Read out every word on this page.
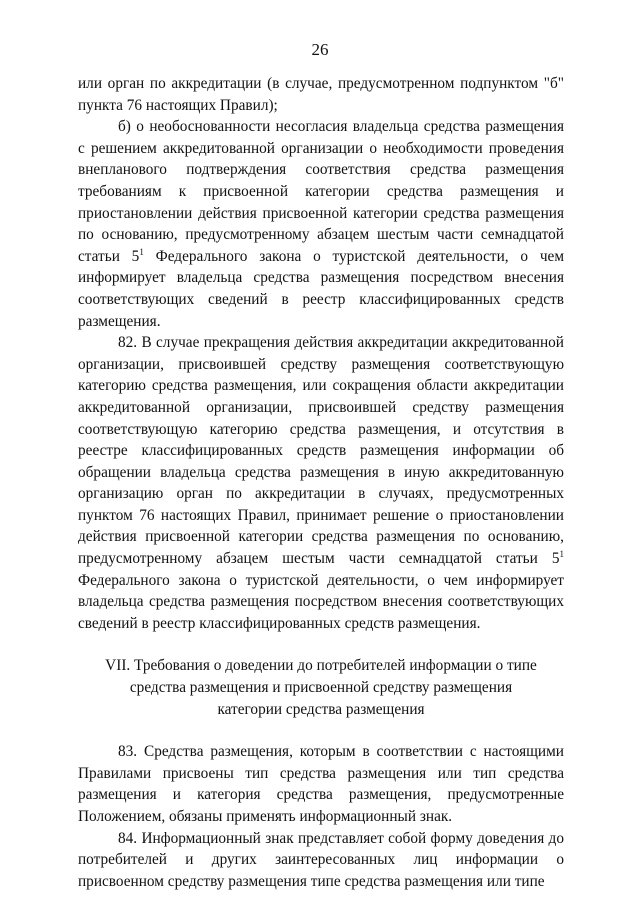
26

или орган по аккредитации (в случае, предусмотренном подпунктом "б" пункта 76 настоящих Правил);

б) о необоснованности несогласия владельца средства размещения с решением аккредитованной организации о необходимости проведения внепланового подтверждения соответствия средства размещения требованиям к присвоенной категории средства размещения и приостановлении действия присвоенной категории средства размещения по основанию, предусмотренному абзацем шестым части семнадцатой статьи $5^1$ Федерального закона о туристской деятельности, о чем информирует владельца средства размещения посредством внесения соответствующих сведений в реестр классифицированных средств размещения.

82. В случае прекращения действия аккредитации аккредитованной организации, присвоившей средству размещения соответствующую категорию средства размещения, или сокращения области аккредитации аккредитованной организации, присвоившей средству размещения соответствующую категорию средства размещения, и отсутствия в реестре классифицированных средств размещения информации об обращении владельца средства размещения в иную аккредитованную организацию орган по аккредитации в случаях, предусмотренных пунктом 76 настоящих Правил, принимает решение о приостановлении действия присвоенной категории средства размещения по основанию, предусмотренному абзацем шестым части семнадцатой статьи $5^1$ Федерального закона о туристской деятельности, о чем информирует владельца средства размещения посредством внесения соответствующих сведений в реестр классифицированных средств размещения.

VII. Требования о доведении до потребителей информации о типе средства размещения и присвоенной средству размещения категории средства размещения

83. Средства размещения, которым в соответствии с настоящими Правилами присвоены тип средства размещения или тип средства размещения и категория средства размещения, предусмотренные Положением, обязаны применять информационный знак.

84. Информационный знак представляет собой форму доведения до потребителей и других заинтересованных лиц информации о присвоенном средству размещения типе средства размещения или типе
